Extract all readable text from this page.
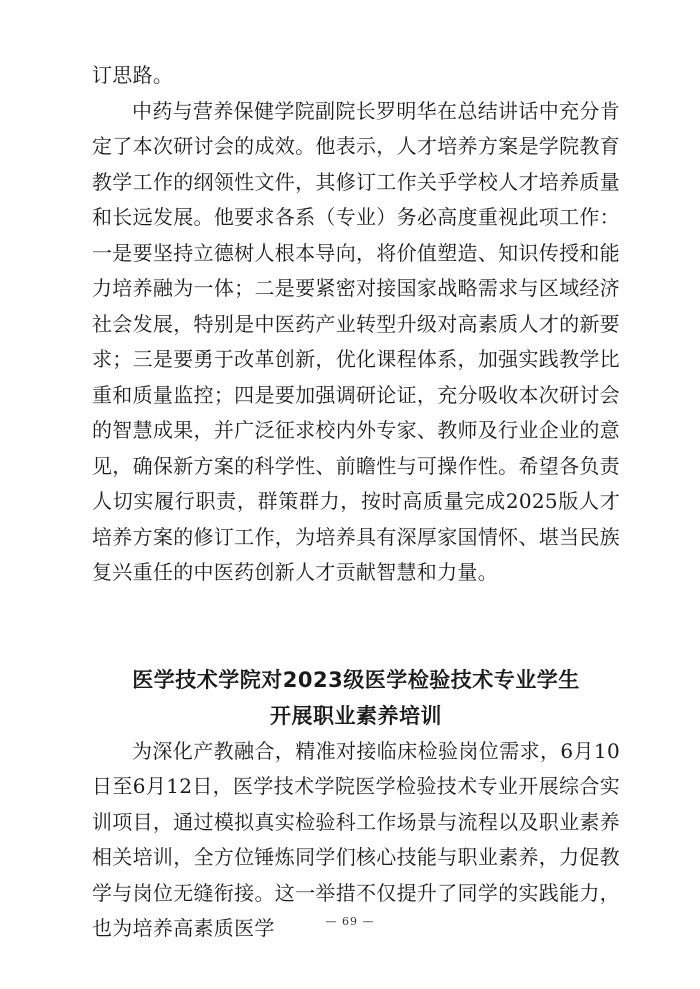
订思路。

中药与营养保健学院副院长罗明华在总结讲话中充分肯定了本次研讨会的成效。他表示，人才培养方案是学院教育教学工作的纲领性文件，其修订工作关乎学校人才培养质量和长远发展。他要求各系（专业）务必高度重视此项工作：一是要坚持立德树人根本导向，将价值塑造、知识传授和能力培养融为一体；二是要紧密对接国家战略需求与区域经济社会发展，特别是中医药产业转型升级对高素质人才的新要求；三是要勇于改革创新，优化课程体系，加强实践教学比重和质量监控；四是要加强调研论证，充分吸收本次研讨会的智慧成果，并广泛征求校内外专家、教师及行业企业的意见，确保新方案的科学性、前瞻性与可操作性。希望各负责人切实履行职责，群策群力，按时高质量完成2025版人才培养方案的修订工作，为培养具有深厚家国情怀、堪当民族复兴重任的中医药创新人才贡献智慧和力量。

医学技术学院对2023级医学检验技术专业学生
开展职业素养培训

为深化产教融合，精准对接临床检验岗位需求，6月10日至6月12日，医学技术学院医学检验技术专业开展综合实训项目，通过模拟真实检验科工作场景与流程以及职业素养相关培训，全方位锤炼同学们核心技能与职业素养，力促教学与岗位无缝衔接。这一举措不仅提升了同学的实践能力，也为培养高素质医学	— 69 —
